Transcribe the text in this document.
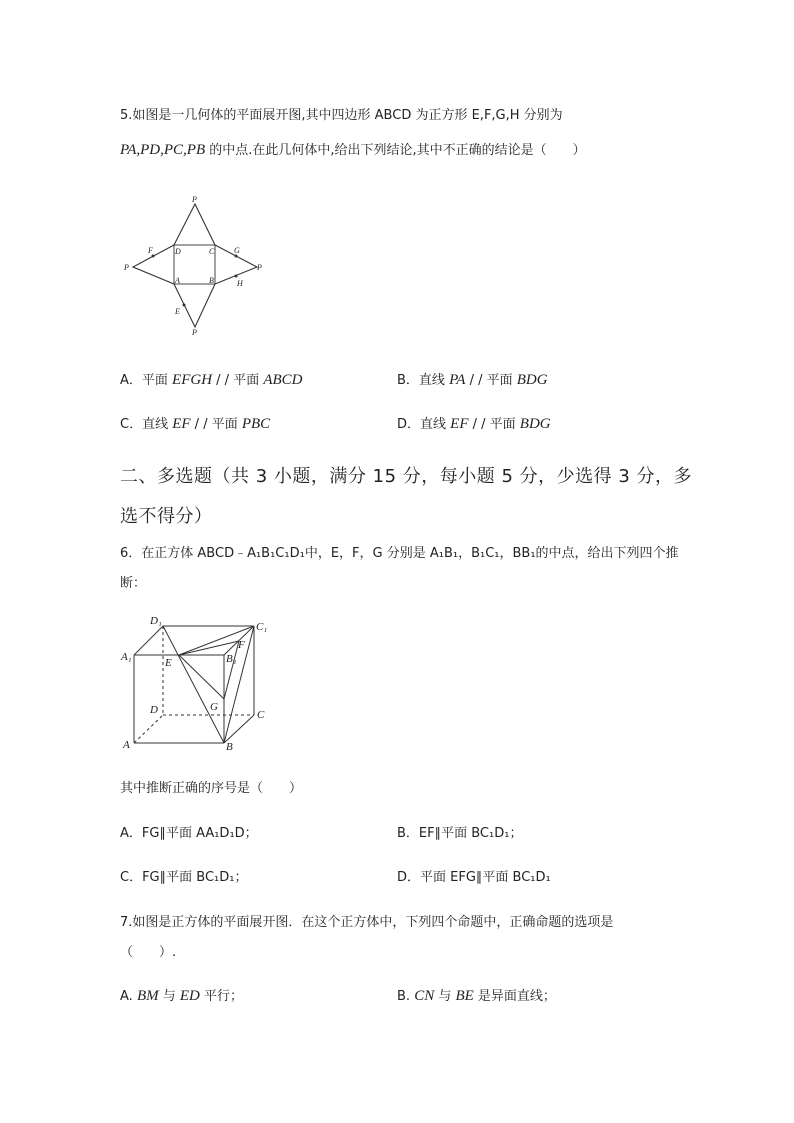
5.如图是一几何体的平面展开图,其中四边形 ABCD 为正方形 E,F,G,H 分别为
PA,PD,PC,PB 的中点.在此几何体中,给出下列结论,其中不正确的结论是（　　）
P
P	P
P
D	C
A	B
F	G
H
E
A．平面 EFGH / / 平面 ABCD	B．直线 PA / / 平面 BDG
C．直线 EF / / 平面 PBC	D．直线 EF / / 平面 BDG
二、多选题（共 3 小题，满分 15 分，每小题 5 分，少选得 3 分，多
选不得分）
6．在正方体 ABCD﹣A₁B₁C₁D₁中，E，F，G 分别是 A₁B₁，B₁C₁，BB₁的中点，给出下列四个推
断：
D₁	C₁
A₁	B₁
E
F
G
D	C
A	B
其中推断正确的序号是（　　）
A．FG∥平面 AA₁D₁D；	B．EF∥平面 BC₁D₁；
C．FG∥平面 BC₁D₁；	D．平面 EFG∥平面 BC₁D₁
7.如图是正方体的平面展开图．在这个正方体中，下列四个命题中，正确命题的选项是
（　　）.
A. BM 与 ED 平行；	B. CN 与 BE 是异面直线；
